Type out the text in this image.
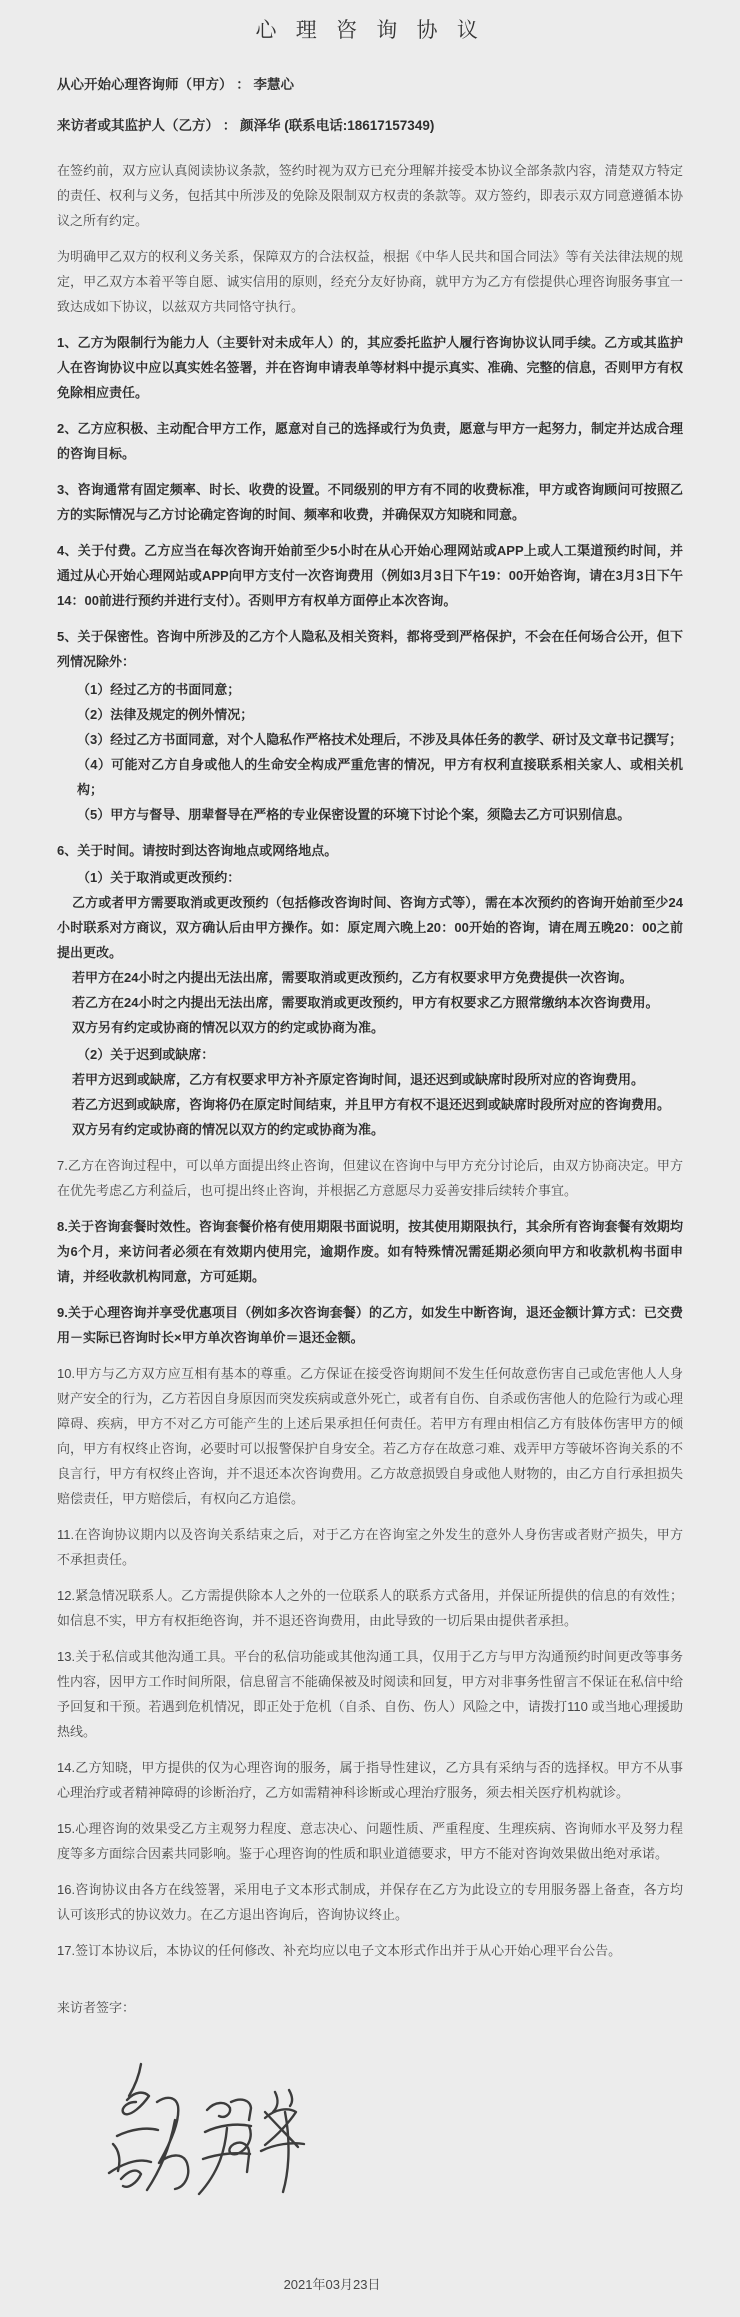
心 理 咨 询 协 议

从心开始心理咨询师（甲方） ： 李慧心

来访者或其监护人（乙方） ： 颜泽华 (联系电话:18617157349)

在签约前，双方应认真阅读协议条款，签约时视为双方已充分理解并接受本协议全部条款内容，清楚双方特定的责任、权利与义务，包括其中所涉及的免除及限制双方权责的条款等。双方签约，即表示双方同意遵循本协议之所有约定。

为明确甲乙双方的权利义务关系，保障双方的合法权益，根据《中华人民共和国合同法》等有关法律法规的规定，甲乙双方本着平等自愿、诚实信用的原则，经充分友好协商，就甲方为乙方有偿提供心理咨询服务事宜一致达成如下协议，以兹双方共同恪守执行。

1、乙方为限制行为能力人（主要针对未成年人）的，其应委托监护人履行咨询协议认同手续。乙方或其监护人在咨询协议中应以真实姓名签署，并在咨询申请表单等材料中提示真实、准确、完整的信息，否则甲方有权免除相应责任。

2、乙方应积极、主动配合甲方工作，愿意对自己的选择或行为负责，愿意与甲方一起努力，制定并达成合理的咨询目标。

3、咨询通常有固定频率、时长、收费的设置。不同级别的甲方有不同的收费标准，甲方或咨询顾问可按照乙方的实际情况与乙方讨论确定咨询的时间、频率和收费，并确保双方知晓和同意。

4、关于付费。乙方应当在每次咨询开始前至少5小时在从心开始心理网站或APP上或人工渠道预约时间，并通过从心开始心理网站或APP向甲方支付一次咨询费用（例如3月3日下午19：00开始咨询，请在3月3日下午14：00前进行预约并进行支付）。否则甲方有权单方面停止本次咨询。

5、关于保密性。咨询中所涉及的乙方个人隐私及相关资料，都将受到严格保护，不会在任何场合公开，但下列情况除外：

（1）经过乙方的书面同意；

（2）法律及规定的例外情况；

（3）经过乙方书面同意，对个人隐私作严格技术处理后，不涉及具体任务的教学、研讨及文章书记撰写；

（4）可能对乙方自身或他人的生命安全构成严重危害的情况，甲方有权利直接联系相关家人、或相关机构；

（5）甲方与督导、朋辈督导在严格的专业保密设置的环境下讨论个案，须隐去乙方可识别信息。

6、关于时间。请按时到达咨询地点或网络地点。

（1）关于取消或更改预约：

乙方或者甲方需要取消或更改预约（包括修改咨询时间、咨询方式等），需在本次预约的咨询开始前至少24小时联系对方商议，双方确认后由甲方操作。如：原定周六晚上20：00开始的咨询，请在周五晚20：00之前提出更改。

若甲方在24小时之内提出无法出席，需要取消或更改预约，乙方有权要求甲方免费提供一次咨询。

若乙方在24小时之内提出无法出席，需要取消或更改预约，甲方有权要求乙方照常缴纳本次咨询费用。

双方另有约定或协商的情况以双方的约定或协商为准。

（2）关于迟到或缺席：

若甲方迟到或缺席，乙方有权要求甲方补齐原定咨询时间，退还迟到或缺席时段所对应的咨询费用。

若乙方迟到或缺席，咨询将仍在原定时间结束，并且甲方有权不退还迟到或缺席时段所对应的咨询费用。

双方另有约定或协商的情况以双方的约定或协商为准。

7.乙方在咨询过程中，可以单方面提出终止咨询，但建议在咨询中与甲方充分讨论后，由双方协商决定。甲方在优先考虑乙方利益后，也可提出终止咨询，并根据乙方意愿尽力妥善安排后续转介事宜。

8.关于咨询套餐时效性。咨询套餐价格有使用期限书面说明，按其使用期限执行，其余所有咨询套餐有效期均为6个月，来访问者必须在有效期内使用完，逾期作废。如有特殊情况需延期必须向甲方和收款机构书面申请，并经收款机构同意，方可延期。

9.关于心理咨询并享受优惠项目（例如多次咨询套餐）的乙方，如发生中断咨询，退还金额计算方式：已交费用－实际已咨询时长×甲方单次咨询单价＝退还金额。

10.甲方与乙方双方应互相有基本的尊重。乙方保证在接受咨询期间不发生任何故意伤害自己或危害他人人身财产安全的行为，乙方若因自身原因而突发疾病或意外死亡，或者有自伤、自杀或伤害他人的危险行为或心理障碍、疾病，甲方不对乙方可能产生的上述后果承担任何责任。若甲方有理由相信乙方有肢体伤害甲方的倾向，甲方有权终止咨询，必要时可以报警保护自身安全。若乙方存在故意刁难、戏弄甲方等破坏咨询关系的不良言行，甲方有权终止咨询，并不退还本次咨询费用。乙方故意损毁自身或他人财物的，由乙方自行承担损失赔偿责任，甲方赔偿后，有权向乙方追偿。

11.在咨询协议期内以及咨询关系结束之后，对于乙方在咨询室之外发生的意外人身伤害或者财产损失，甲方不承担责任。

12.紧急情况联系人。乙方需提供除本人之外的一位联系人的联系方式备用，并保证所提供的信息的有效性；如信息不实，甲方有权拒绝咨询，并不退还咨询费用，由此导致的一切后果由提供者承担。

13.关于私信或其他沟通工具。平台的私信功能或其他沟通工具，仅用于乙方与甲方沟通预约时间更改等事务性内容，因甲方工作时间所限，信息留言不能确保被及时阅读和回复，甲方对非事务性留言不保证在私信中给予回复和干预。若遇到危机情况，即正处于危机（自杀、自伤、伤人）风险之中，请拨打110 或当地心理援助热线。

14.乙方知晓，甲方提供的仅为心理咨询的服务，属于指导性建议，乙方具有采纳与否的选择权。甲方不从事心理治疗或者精神障碍的诊断治疗，乙方如需精神科诊断或心理治疗服务，须去相关医疗机构就诊。

15.心理咨询的效果受乙方主观努力程度、意志决心、问题性质、严重程度、生理疾病、咨询师水平及努力程度等多方面综合因素共同影响。鉴于心理咨询的性质和职业道德要求，甲方不能对咨询效果做出绝对承诺。

16.咨询协议由各方在线签署，采用电子文本形式制成，并保存在乙方为此设立的专用服务器上备查，各方均认可该形式的协议效力。在乙方退出咨询后，咨询协议终止。

17.签订本协议后，本协议的任何修改、补充均应以电子文本形式作出并于从心开始心理平台公告。

来访者签字：

2021年03月23日
